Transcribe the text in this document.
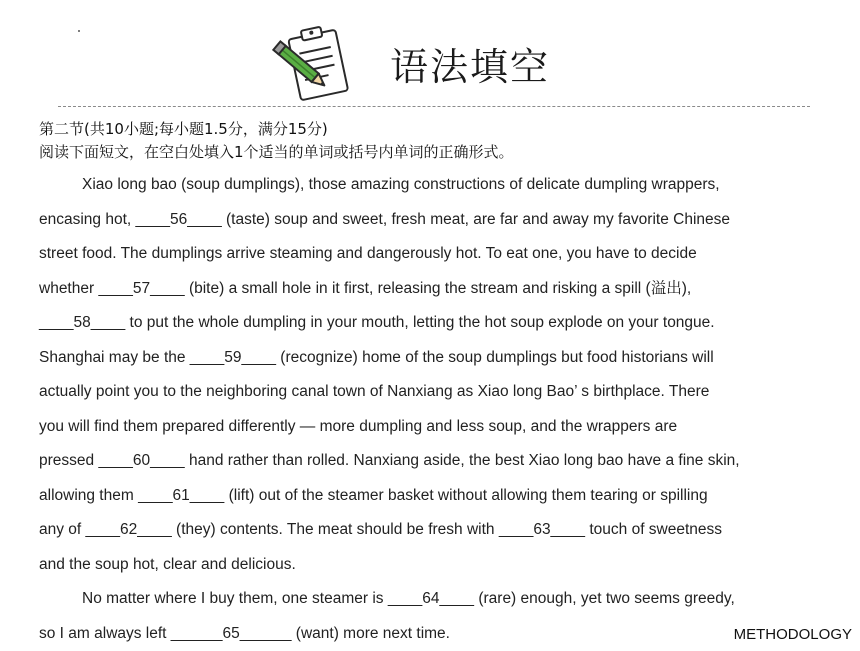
语法填空
第二节(共10小题;每小题1.5分，满分15分)
阅读下面短文，在空白处填入1个适当的单词或括号内单词的正确形式。
Xiao long bao (soup dumplings), those amazing constructions of delicate dumpling wrappers,
encasing hot, ____56____ (taste) soup and sweet, fresh meat, are far and away my favorite Chinese
street food. The dumplings arrive steaming and dangerously hot. To eat one, you have to decide
whether ____57____ (bite) a small hole in it first, releasing the stream and risking a spill (溢出),
____58____ to put the whole dumpling in your mouth, letting the hot soup explode on your tongue.
Shanghai may be the ____59____ (recognize) home of the soup dumplings but food historians will
actually point you to the neighboring canal town of Nanxiang as Xiao long Bao’ s birthplace. There
you will find them prepared differently — more dumpling and less soup, and the wrappers are
pressed ____60____ hand rather than rolled. Nanxiang aside, the best Xiao long bao have a fine skin,
allowing them ____61____ (lift) out of the steamer basket without allowing them tearing or spilling
any of ____62____ (they) contents. The meat should be fresh with ____63____ touch of sweetness
and the soup hot, clear and delicious.
No matter where I buy them, one steamer is ____64____ (rare) enough, yet two seems greedy,
so I am always left ______65______ (want) more next time.	METHODOLOGY
